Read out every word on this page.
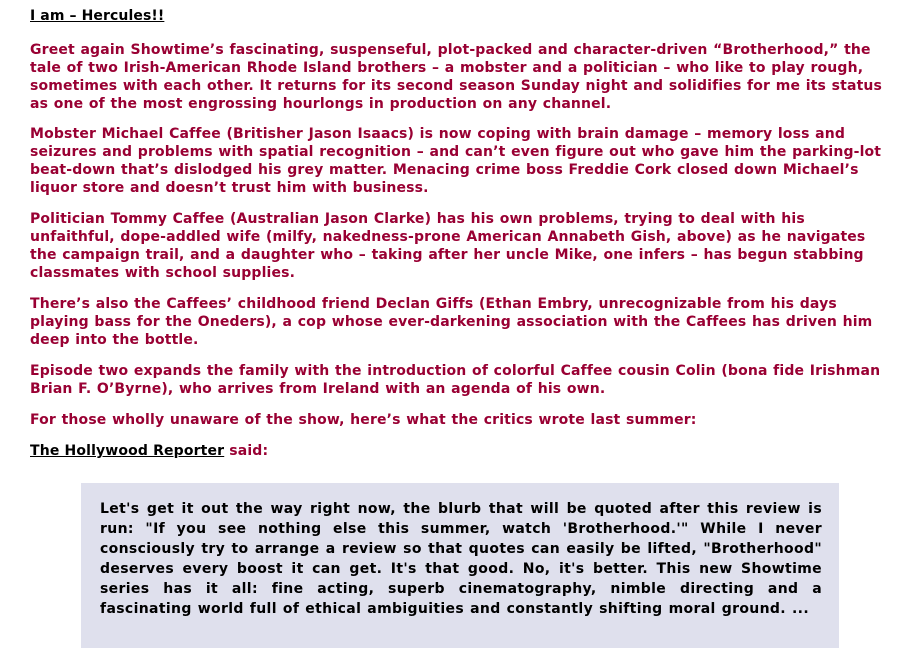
I am – Hercules!!

Greet again Showtime’s fascinating, suspenseful, plot-packed and character-driven “Brotherhood,” the tale of two Irish-American Rhode Island brothers – a mobster and a politician – who like to play rough, sometimes with each other. It returns for its second season Sunday night and solidifies for me its status as one of the most engrossing hourlongs in production on any channel.

Mobster Michael Caffee (Britisher Jason Isaacs) is now coping with brain damage – memory loss and seizures and problems with spatial recognition – and can’t even figure out who gave him the parking-lot beat-down that’s dislodged his grey matter. Menacing crime boss Freddie Cork closed down Michael’s liquor store and doesn’t trust him with business.

Politician Tommy Caffee (Australian Jason Clarke) has his own problems, trying to deal with his unfaithful, dope-addled wife (milfy, nakedness-prone American Annabeth Gish, above) as he navigates the campaign trail, and a daughter who – taking after her uncle Mike, one infers – has begun stabbing classmates with school supplies.

There’s also the Caffees’ childhood friend Declan Giffs (Ethan Embry, unrecognizable from his days playing bass for the Oneders), a cop whose ever-darkening association with the Caffees has driven him deep into the bottle.

Episode two expands the family with the introduction of colorful Caffee cousin Colin (bona fide Irishman Brian F. O’Byrne), who arrives from Ireland with an agenda of his own.

For those wholly unaware of the show, here’s what the critics wrote last summer:

The Hollywood Reporter said:

Let's get it out the way right now, the blurb that will be quoted after this review is run: "If you see nothing else this summer, watch 'Brotherhood.'" While I never consciously try to arrange a review so that quotes can easily be lifted, "Brotherhood" deserves every boost it can get. It's that good. No, it's better. This new Showtime series has it all: fine acting, superb cinematography, nimble directing and a fascinating world full of ethical ambiguities and constantly shifting moral ground. ...
